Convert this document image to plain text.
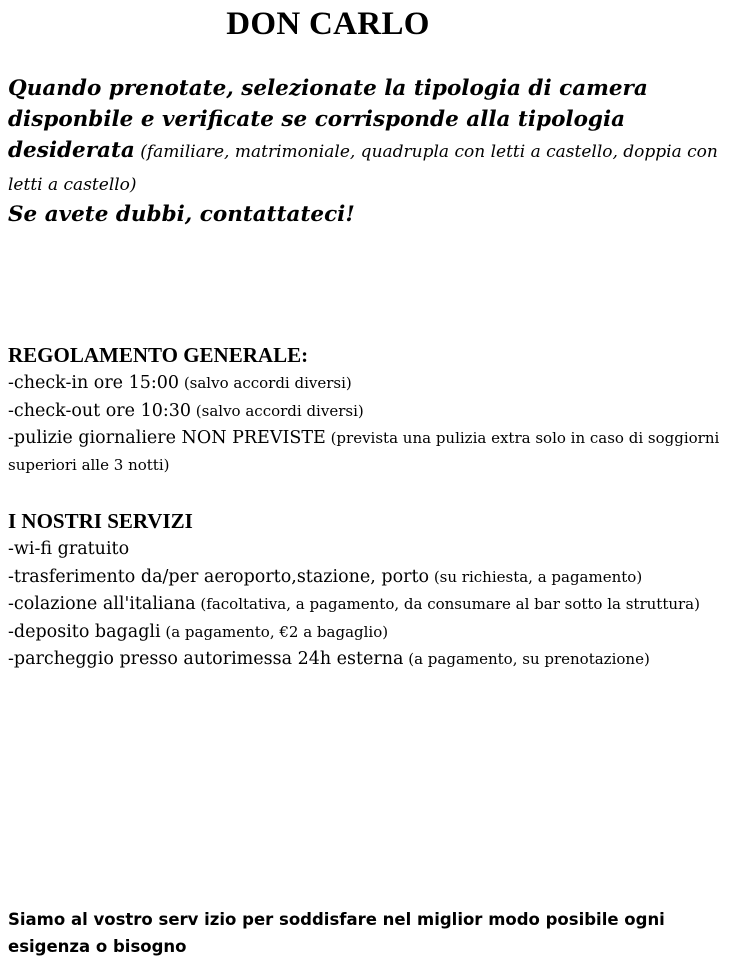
DON CARLO
Quando prenotate, selezionate la tipologia di camera disponbile e verificate se corrisponde alla tipologia desiderata (familiare, matrimoniale, quadrupla con letti a castello, doppia con letti a castello)
Se avete dubbi, contattateci!
REGOLAMENTO GENERALE:
-check-in ore 15:00 (salvo accordi diversi)
-check-out ore 10:30 (salvo accordi diversi)
-pulizie giornaliere NON PREVISTE (prevista una pulizia extra solo in caso di soggiorni superiori alle 3 notti)
I NOSTRI SERVIZI
-wi-fi gratuito
-trasferimento da/per aeroporto,stazione, porto (su richiesta, a pagamento)
-colazione all'italiana (facoltativa, a pagamento, da consumare al bar sotto la struttura)
-deposito bagagli (a pagamento, €2 a bagaglio)
-parcheggio presso autorimessa 24h esterna (a pagamento, su prenotazione)
Siamo al vostro serv izio per soddisfare nel miglior modo posibile ogni esigenza o bisogno
